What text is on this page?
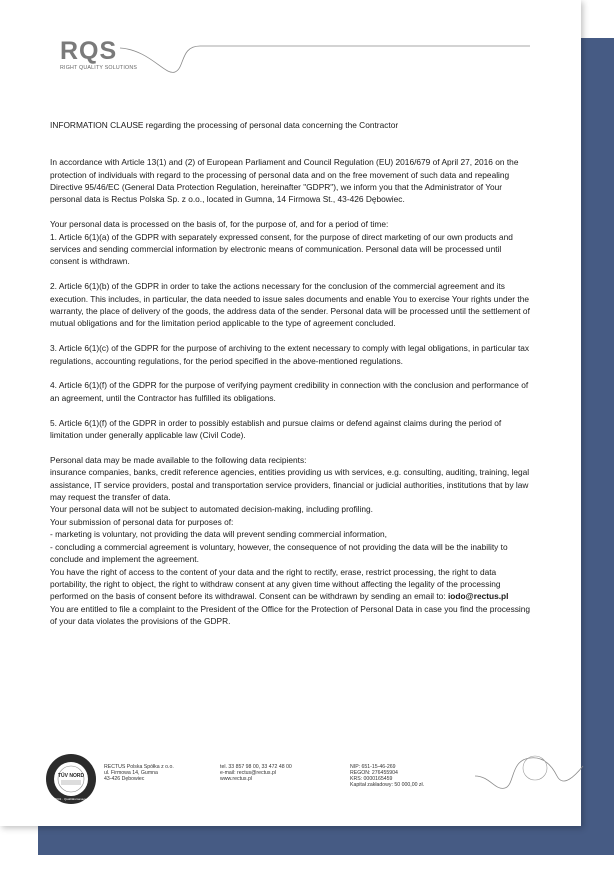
RQS
RIGHT QUALITY SOLUTIONS

INFORMATION CLAUSE regarding the processing of personal data concerning the Contractor

In accordance with Article 13(1) and (2) of European Parliament and Council Regulation (EU) 2016/679 of April 27, 2016 on the protection of individuals with regard to the processing of personal data and on the free movement of such data and repealing Directive 95/46/EC (General Data Protection Regulation, hereinafter "GDPR"), we inform you that the Administrator of Your personal data is Rectus Polska Sp. z o.o., located in Gumna, 14 Firmowa St., 43-426 Dębowiec.

Your personal data is processed on the basis of, for the purpose of, and for a period of time:

1. Article 6(1)(a) of the GDPR with separately expressed consent, for the purpose of direct marketing of our own products and services and sending commercial information by electronic means of communication. Personal data will be processed until consent is withdrawn.

2. Article 6(1)(b) of the GDPR in order to take the actions necessary for the conclusion of the commercial agreement and its execution. This includes, in particular, the data needed to issue sales documents and enable You to exercise Your rights under the warranty, the place of delivery of the goods, the address data of the sender. Personal data will be processed until the settlement of mutual obligations and for the limitation period applicable to the type of agreement concluded.

3. Article 6(1)(c) of the GDPR for the purpose of archiving to the extent necessary to comply with legal obligations, in particular tax regulations, accounting regulations, for the period specified in the above-mentioned regulations.

4. Article 6(1)(f) of the GDPR for the purpose of verifying payment credibility in connection with the conclusion and performance of an agreement, until the Contractor has fulfilled its obligations.

5. Article 6(1)(f) of the GDPR in order to possibly establish and pursue claims or defend against claims during the period of limitation under generally applicable law (Civil Code).

Personal data may be made available to the following data recipients:

insurance companies, banks, credit reference agencies, entities providing us with services, e.g. consulting, auditing, training, legal assistance, IT service providers, postal and transportation service providers, financial or judicial authorities, institutions that by law may request the transfer of data.

Your personal data will not be subject to automated decision-making, including profiling.

Your submission of personal data for purposes of:

- marketing is voluntary, not providing the data will prevent sending commercial information,

- concluding a commercial agreement is voluntary, however, the consequence of not providing the data will be the inability to conclude and implement the agreement.

You have the right of access to the content of your data and the right to rectify, erase, restrict processing, the right to data portability, the right to object, the right to withdraw consent at any given time without affecting the legality of the processing performed on the basis of consent before its withdrawal. Consent can be withdrawn by sending an email to: iodo@rectus.pl

You are entitled to file a complaint to the President of the Office for the Protection of Personal Data in case you find the processing of your data violates the provisions of the GDPR.

TÜV NORD
ISO 9001 · Qualitätsmanagement
RECTUS Polska Spółka z o.o.
ul. Firmowa 14, Gumna
43-426 Dębowiec
tel. 33 857 98 00, 33 472 48 00
e-mail: rectus@rectus.pl
www.rectus.pl
NIP: 651-15-46-269
REGON: 276455904
KRS: 0000165459
Kapitał zakładowy: 50 000,00 zł.
